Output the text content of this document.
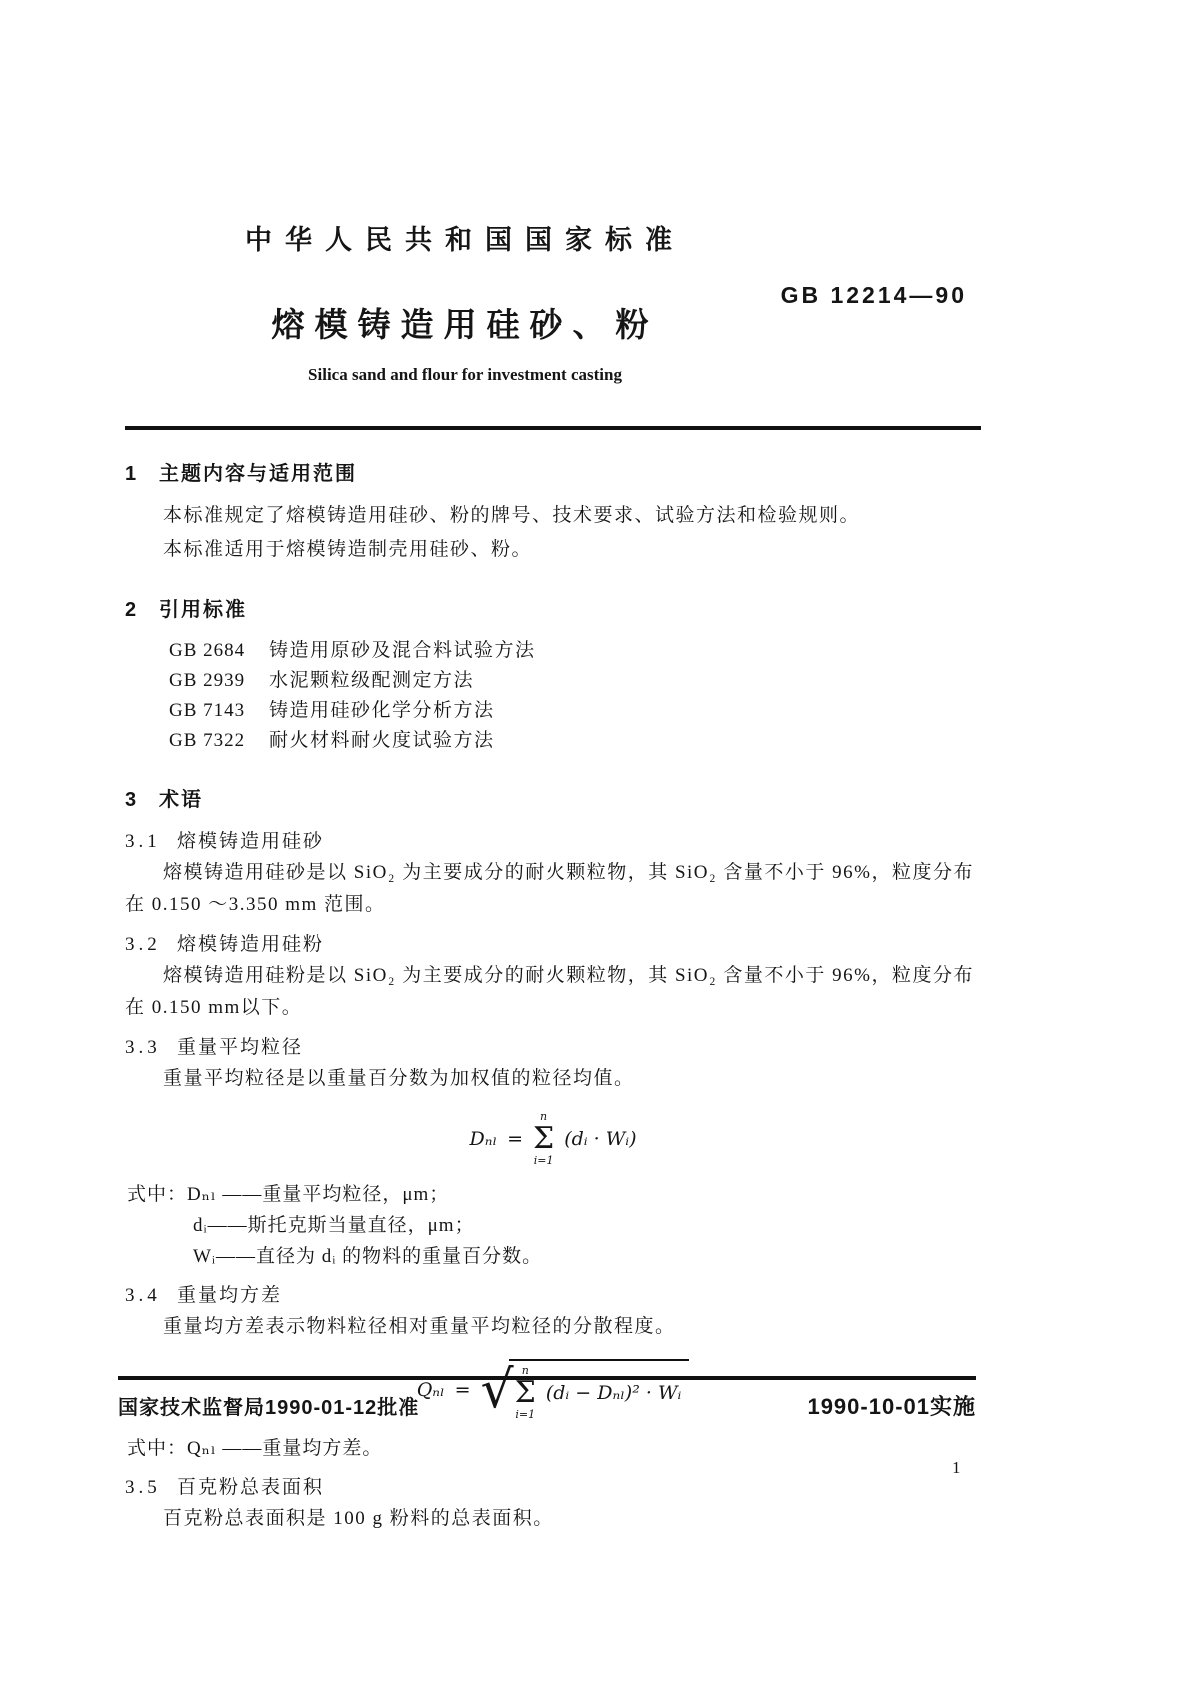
中华人民共和国国家标准
熔模铸造用硅砂、粉
Silica sand and flour for investment casting
GB 12214—90
1 主题内容与适用范围

本标准规定了熔模铸造用硅砂、粉的牌号、技术要求、试验方法和检验规则。

本标准适用于熔模铸造制壳用硅砂、粉。

2 引用标准
GB 2684	铸造用原砂及混合料试验方法
GB 2939	水泥颗粒级配测定方法
GB 7143	铸造用硅砂化学分析方法
GB 7322	耐火材料耐火度试验方法
3 术语
3.1 熔模铸造用硅砂

熔模铸造用硅砂是以 SiO₂ 为主要成分的耐火颗粒物，其 SiO₂ 含量不小于 96%，粒度分布在 0.150 ～3.350 mm 范围。

3.2 熔模铸造用硅粉

熔模铸造用硅粉是以 SiO₂ 为主要成分的耐火颗粒物，其 SiO₂ 含量不小于 96%，粒度分布在 0.150 mm以下。

3.3 重量平均粒径

重量平均粒径是以重量百分数为加权值的粒径均值。

Dₙₗ =
n
Σ
i=1
(dᵢ · Wᵢ)
式中：Dₙₗ ——重量平均粒径，μm；
dᵢ——斯托克斯当量直径，μm；
Wᵢ——直径为 dᵢ 的物料的重量百分数。
3.4 重量均方差

重量均方差表示物料粒径相对重量平均粒径的分散程度。

Qₙₗ = √ n
Σ
i=1
(dᵢ − Dₙₗ)² · Wᵢ
式中：Qₙₗ ——重量均方差。
3.5 百克粉总表面积

百克粉总表面积是 100 g 粉料的总表面积。

国家技术监督局1990-01-12批准	1990-10-01实施
1
